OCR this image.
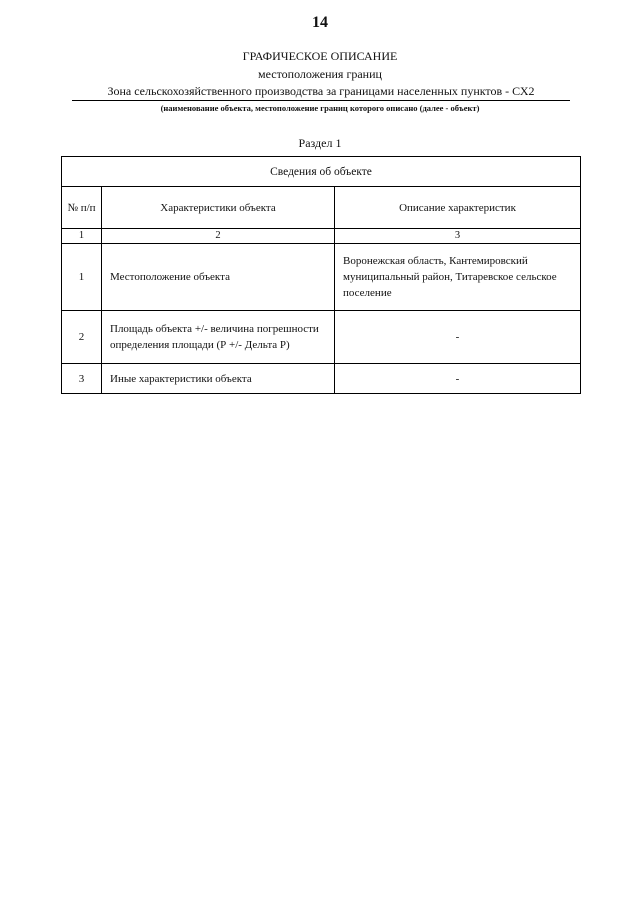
14
ГРАФИЧЕСКОЕ ОПИСАНИЕ
местоположения границ
Зона сельскохозяйственного производства за границами населенных пунктов - СХ2
(наименование объекта, местоположение границ которого описано (далее - объект)
Раздел 1
Сведения об объекте		
№ п/п	Характеристики объекта	Описание характеристик
1	2	3
1	Местоположение объекта	Воронежская область, Кантемировский муниципальный район, Титаревское сельское поселение
2	Площадь объекта +/- величина погрешности определения площади (Р +/- Дельта Р)	-
3	Иные характеристики объекта	-
